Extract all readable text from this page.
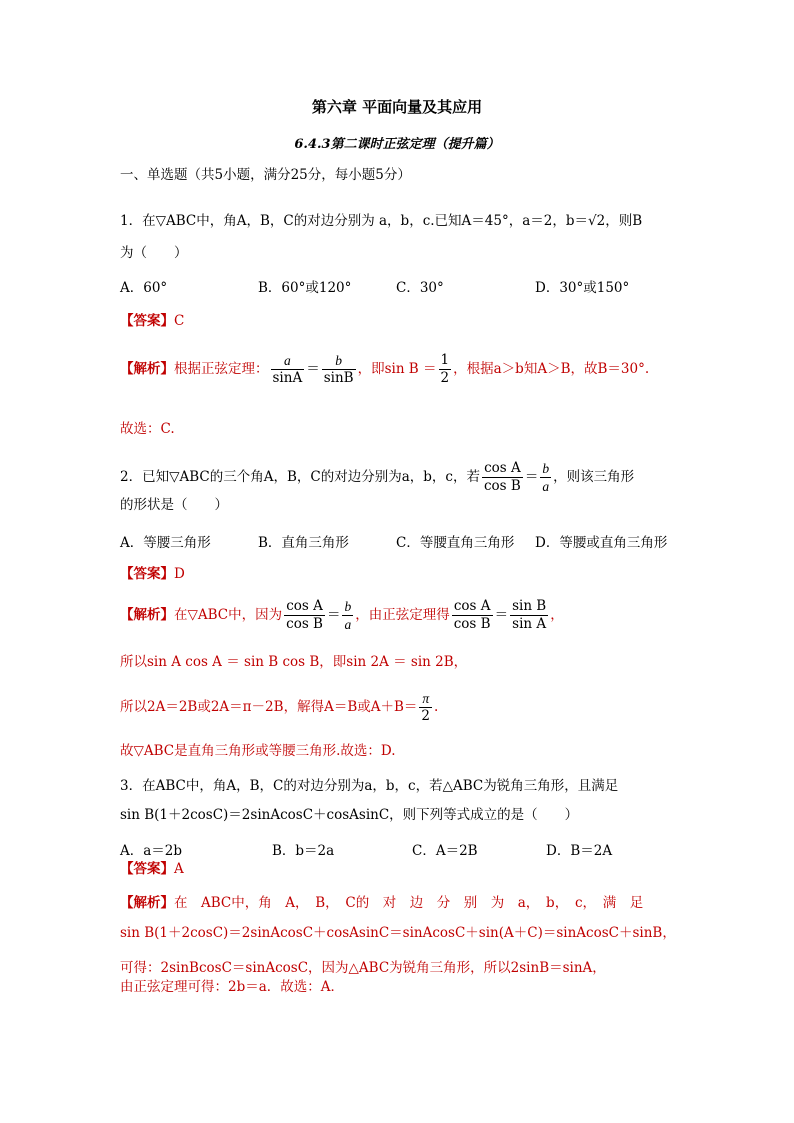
第六章 平面向量及其应用
6.4.3第二课时正弦定理（提升篇）
一、单选题（共5小题，满分25分，每小题5分）
1．在▽ABC中，角A，B，C的对边分别为 a，b，c.已知A＝45°，a＝2，b＝√2，则B
为（　　）
A．60°	B．60°或120°	C．30°	D．30°或150°
【答案】C
【解析】根据正弦定理： $\frac{a}{\sin A} = \frac{b}{\sin B}$ ，即$\sin B = \frac{1}{2}$ ，根据a＞b知A＞B，故B＝30°.
故选：C.
2．已知▽ABC的三个角A，B，C的对边分别为a，b，c，若 $\frac{\text{cos A}}{\text{cos B}} = \frac{b}{a}$ ，则该三角形
的形状是（　　）
A．等腰三角形	B．直角三角形	C．等腰直角三角形 D．等腰或直角三角形
【答案】D
【解析】在▽ABC中，因为 $\frac{\text{cos A}}{\text{cos B}} = \frac{b}{a}$ ，由正弦定理得 $\frac{\text{cos A}}{\text{cos B}} = \frac{\text{sin B}}{\text{sin A}}$ ，
所以sin A cos A ＝ sin B cos B，即sin 2A ＝ sin 2B，
所以2A＝2B或2A＝π－2B，解得A＝B或$A+B= \frac{\pi}{2}$ .
故▽ABC是直角三角形或等腰三角形.故选：D.
3．在ABC中，角A，B，C的对边分别为a，b，c，若△ABC为锐角三角形，且满足
sin B(1＋2cosC)＝2sinAcosC＋cosAsinC，则下列等式成立的是（　　）
A．a＝2b	B．b＝2a	C．A＝2B	D．B＝2A
【答案】A
【解析】在　ABC中，角　A，　B，　C的　对　边　分　别　为　a，　b，　c，　满　足
sin B(1＋2cosC)＝2sinAcosC＋cosAsinC＝sinAcosC＋sin(A＋C)＝sinAcosC＋sinB，
可得：2sinBcosC＝sinAcosC，因为△ABC为锐角三角形，所以2sinB＝sinA，
由正弦定理可得：2b＝a．故选：A．
